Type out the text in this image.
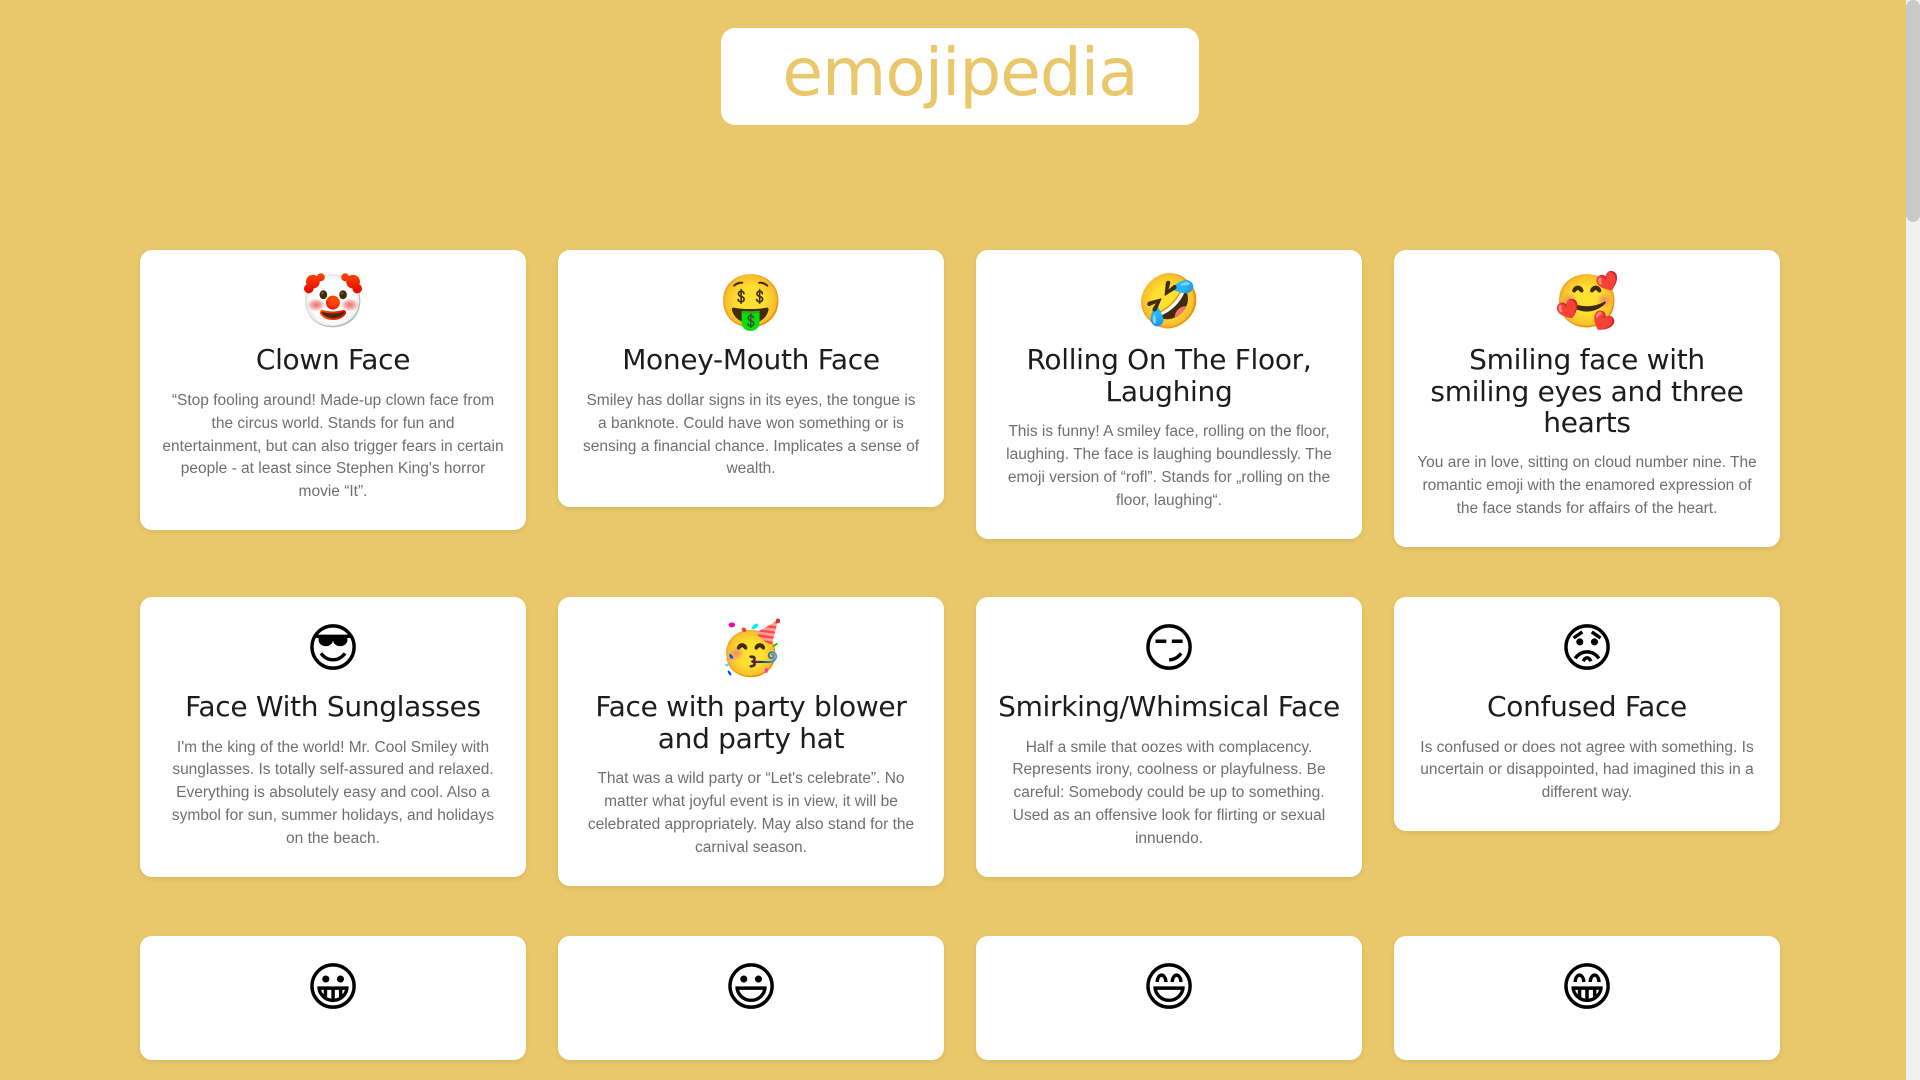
emojipedia
🤡
Clown Face

“Stop fooling around! Made-up clown face from the circus world. Stands for fun and entertainment, but can also trigger fears in certain people - at least since Stephen King's horror movie “It”.

🤑
Money-Mouth Face

Smiley has dollar signs in its eyes, the tongue is a banknote. Could have won something or is sensing a financial chance. Implicates a sense of wealth.

🤣
Rolling On The Floor, Laughing

This is funny! A smiley face, rolling on the floor, laughing. The face is laughing boundlessly. The emoji version of “rofl”. Stands for „rolling on the floor, laughing“.

🥰
Smiling face with smiling eyes and three hearts

You are in love, sitting on cloud number nine. The romantic emoji with the enamored expression of the face stands for affairs of the heart.

😎
Face With Sunglasses

I'm the king of the world! Mr. Cool Smiley with sunglasses. Is totally self-assured and relaxed. Everything is absolutely easy and cool. Also a symbol for sun, summer holidays, and holidays on the beach.

🥳
Face with party blower and party hat

That was a wild party or “Let's celebrate”. No matter what joyful event is in view, it will be celebrated appropriately. May also stand for the carnival season.

😏
Smirking/Whimsical Face

Half a smile that oozes with complacency. Represents irony, coolness or playfulness. Be careful: Somebody could be up to something. Used as an offensive look for flirting or sexual innuendo.

😟
Confused Face

Is confused or does not agree with something. Is uncertain or disappointed, had imagined this in a different way.

😀	😃	😄	😁
